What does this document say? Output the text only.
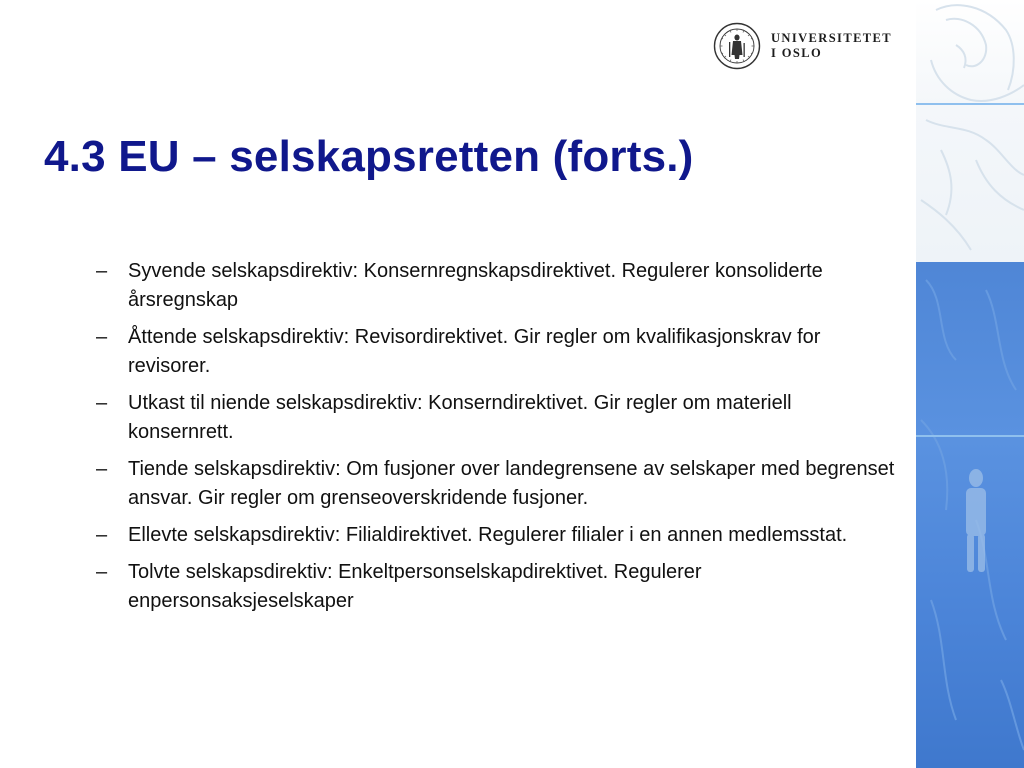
UNIVERSITETET
I OSLO
4.3 EU – selskapsretten (forts.)
– Syvende selskapsdirektiv: Konsernregnskapsdirektivet. Regulerer konsoliderte årsregnskap
– Åttende selskapsdirektiv: Revisordirektivet. Gir regler om kvalifikasjonskrav for revisorer.
– Utkast til niende selskapsdirektiv: Konserndirektivet. Gir regler om materiell konsernrett.
– Tiende selskapsdirektiv: Om fusjoner over landegrensene av selskaper med begrenset ansvar. Gir regler om grenseoverskridende fusjoner.
– Ellevte selskapsdirektiv: Filialdirektivet. Regulerer filialer i en annen medlemsstat.
– Tolvte selskapsdirektiv: Enkeltpersonselskapdirektivet. Regulerer enpersonsaksjeselskaper
